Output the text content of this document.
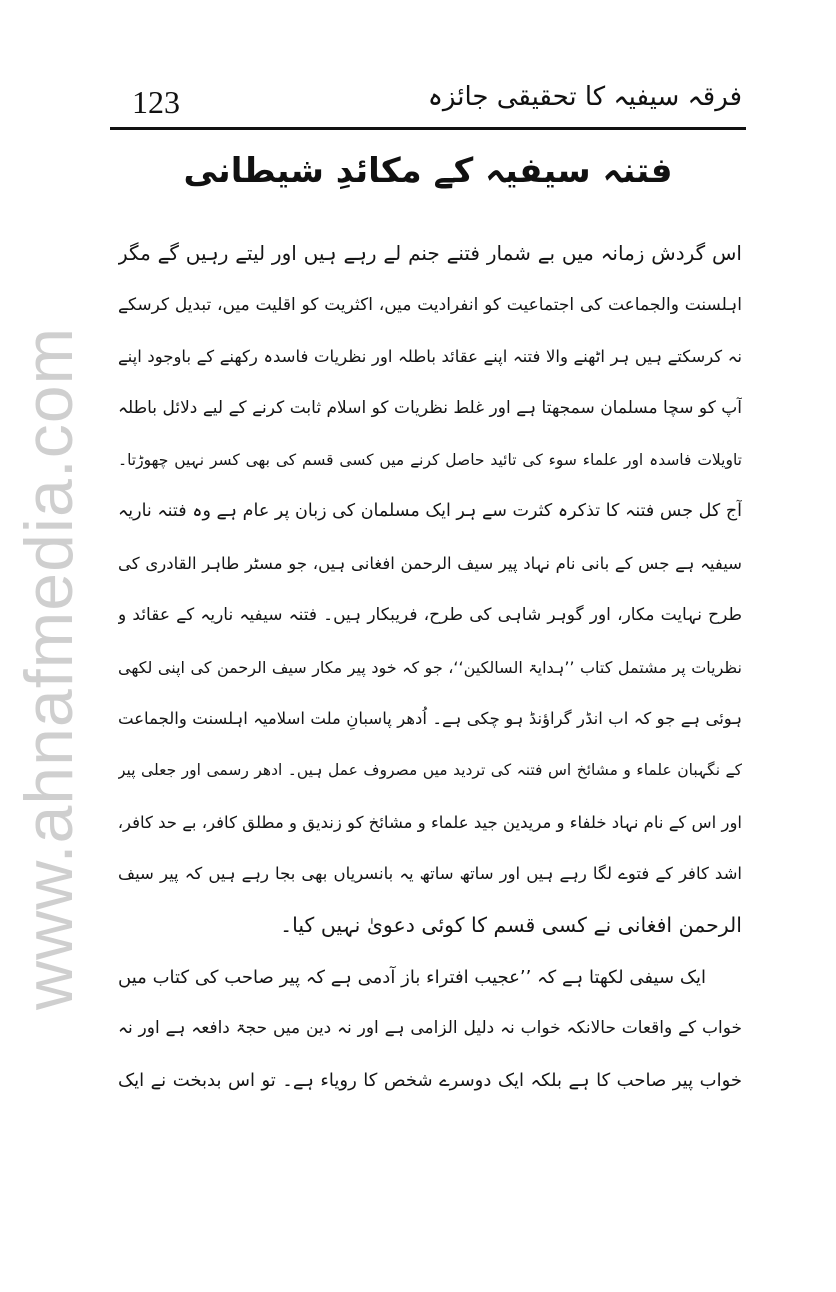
www.ahnafmedia.com
123	فرقہ سیفیہ کا تحقیقی جائزہ
فتنہ سیفیہ کے مکائدِ شیطانی
اس گردش زمانہ میں بے شمار فتنے جنم لے رہے ہیں اور لیتے رہیں گے مگر
اہلسنت والجماعت کی اجتماعیت کو انفرادیت میں، اکثریت کو اقلیت میں، تبدیل کرسکے
نہ کرسکتے ہیں ہر اٹھنے والا فتنہ اپنے عقائد باطلہ اور نظریات فاسدہ رکھنے کے باوجود اپنے
آپ کو سچا مسلمان سمجھتا ہے اور غلط نظریات کو اسلام ثابت کرنے کے لیے دلائل باطلہ
تاویلات فاسدہ اور علماء سوء کی تائید حاصل کرنے میں کسی قسم کی بھی کسر نہیں چھوڑتا۔
آج کل جس فتنہ کا تذکرہ کثرت سے ہر ایک مسلمان کی زبان پر عام ہے وہ فتنہ ناریہ
سیفیہ ہے جس کے بانی نام نہاد پیر سیف الرحمن افغانی ہیں، جو مسٹر طاہر القادری کی
طرح نہایت مکار، اور گوہر شاہی کی طرح، فریبکار ہیں۔ فتنہ سیفیہ ناریہ کے عقائد و
نظریات پر مشتمل کتاب ’’ہدایۃ السالکین‘‘، جو کہ خود پیر مکار سیف الرحمن کی اپنی لکھی
ہوئی ہے جو کہ اب انڈر گراؤنڈ ہو چکی ہے۔ اُدھر پاسبانِ ملت اسلامیہ اہلسنت والجماعت
کے نگہبان علماء و مشائخ اس فتنہ کی تردید میں مصروف عمل ہیں۔ ادھر رسمی اور جعلی پیر
اور اس کے نام نہاد خلفاء و مریدین جید علماء و مشائخ کو زندیق و مطلق کافر، بے حد کافر،
اشد کافر کے فتوے لگا رہے ہیں اور ساتھ ساتھ یہ بانسریاں بھی بجا رہے ہیں کہ پیر سیف
الرحمن افغانی نے کسی قسم کا کوئی دعویٰ نہیں کیا۔
ایک سیفی لکھتا ہے کہ ’’عجیب افتراء باز آدمی ہے کہ پیر صاحب کی کتاب میں
خواب کے واقعات حالانکہ خواب نہ دلیل الزامی ہے اور نہ دین میں حجۃ دافعہ ہے اور نہ
خواب پیر صاحب کا ہے بلکہ ایک دوسرے شخص کا رویاء ہے۔ تو اس بدبخت نے ایک
